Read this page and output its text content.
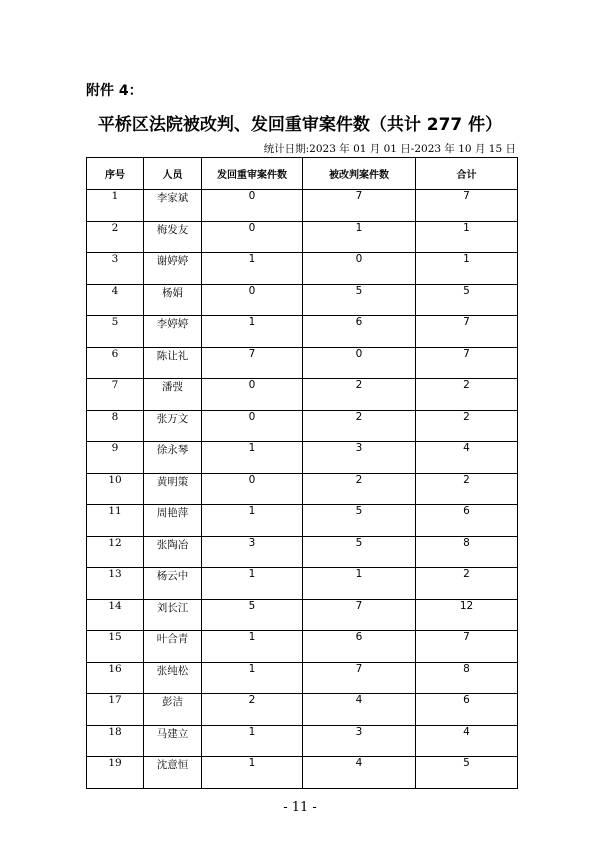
附件 4：
平桥区法院被改判、发回重审案件数（共计 277 件）
统计日期:2023 年 01 月 01 日-2023 年 10 月 15 日
序号	人员	发回重审案件数	被改判案件数	合计
1	李家斌	0	7	7
2	梅发友	0	1	1
3	谢婷婷	1	0	1
4	杨娟	0	5	5
5	李婷婷	1	6	7
6	陈让礼	7	0	7
7	潘弢	0	2	2
8	张万文	0	2	2
9	徐永琴	1	3	4
10	黄明策	0	2	2
11	周艳萍	1	5	6
12	张陶冶	3	5	8
13	杨云中	1	1	2
14	刘长江	5	7	12
15	叶合青	1	6	7
16	张纯松	1	7	8
17	彭洁	2	4	6
18	马建立	1	3	4
19	沈意恒	1	4	5
- 11 -
